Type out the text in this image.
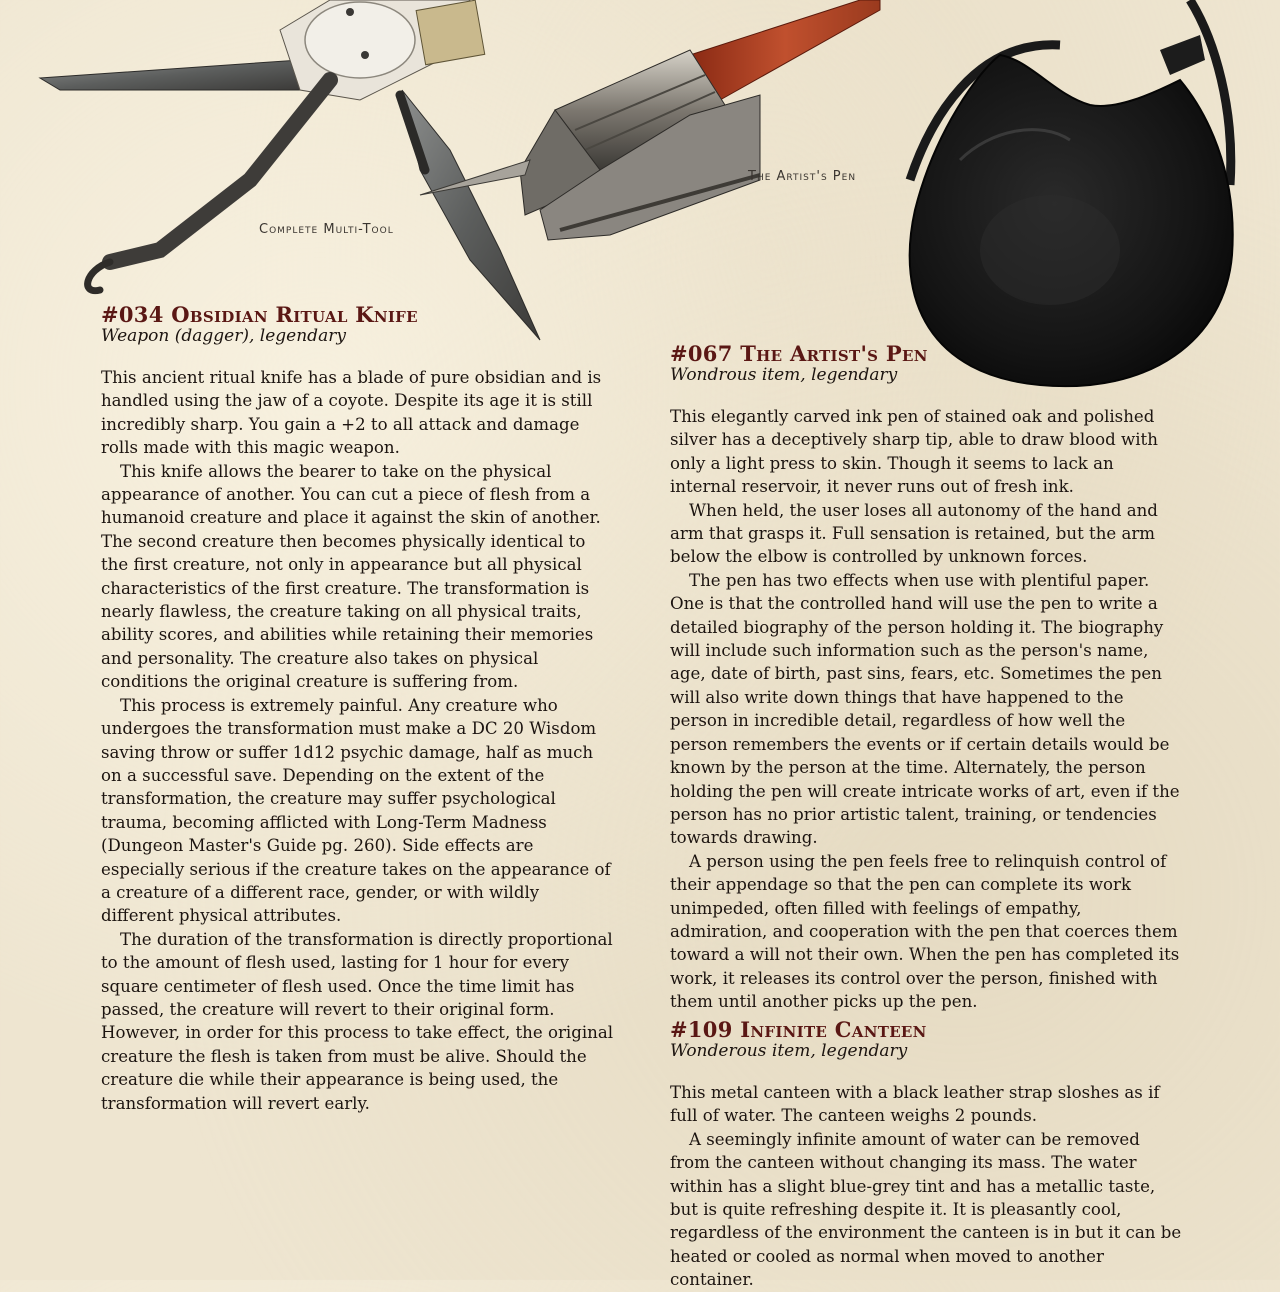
Complete Multi-Tool
The Artist's Pen
#034 Obsidian Ritual Knife
Weapon (dagger), legendary

This ancient ritual knife has a blade of pure obsidian and is handled using the jaw of a coyote. Despite its age it is still incredibly sharp. You gain a +2 to all attack and damage rolls made with this magic weapon.

This knife allows the bearer to take on the physical appearance of another. You can cut a piece of flesh from a humanoid creature and place it against the skin of another. The second creature then becomes physically identical to the first creature, not only in appearance but all physical characteristics of the first creature. The transformation is nearly flawless, the creature taking on all physical traits, ability scores, and abilities while retaining their memories and personality. The creature also takes on physical conditions the original creature is suffering from.

This process is extremely painful. Any creature who undergoes the transformation must make a DC 20 Wisdom saving throw or suffer 1d12 psychic damage, half as much on a successful save. Depending on the extent of the transformation, the creature may suffer psychological trauma, becoming afflicted with Long-Term Madness (Dungeon Master's Guide pg. 260). Side effects are especially serious if the creature takes on the appearance of a creature of a different race, gender, or with wildly different physical attributes.

The duration of the transformation is directly proportional to the amount of flesh used, lasting for 1 hour for every square centimeter of flesh used. Once the time limit has passed, the creature will revert to their original form. However, in order for this process to take effect, the original creature the flesh is taken from must be alive. Should the creature die while their appearance is being used, the transformation will revert early.

#067 The Artist's Pen
Wondrous item, legendary

This elegantly carved ink pen of stained oak and polished silver has a deceptively sharp tip, able to draw blood with only a light press to skin. Though it seems to lack an internal reservoir, it never runs out of fresh ink.

When held, the user loses all autonomy of the hand and arm that grasps it. Full sensation is retained, but the arm below the elbow is controlled by unknown forces.

The pen has two effects when use with plentiful paper. One is that the controlled hand will use the pen to write a detailed biography of the person holding it. The biography will include such information such as the person's name, age, date of birth, past sins, fears, etc. Sometimes the pen will also write down things that have happened to the person in incredible detail, regardless of how well the person remembers the events or if certain details would be known by the person at the time. Alternately, the person holding the pen will create intricate works of art, even if the person has no prior artistic talent, training, or tendencies towards drawing.

A person using the pen feels free to relinquish control of their appendage so that the pen can complete its work unimpeded, often filled with feelings of empathy, admiration, and cooperation with the pen that coerces them toward a will not their own. When the pen has completed its work, it releases its control over the person, finished with them until another picks up the pen.

#109 Infinite Canteen
Wonderous item, legendary

This metal canteen with a black leather strap sloshes as if full of water. The canteen weighs 2 pounds.

A seemingly infinite amount of water can be removed from the canteen without changing its mass. The water within has a slight blue-grey tint and has a metallic taste, but is quite refreshing despite it. It is pleasantly cool, regardless of the environment the canteen is in but it can be heated or cooled as normal when moved to another container.
